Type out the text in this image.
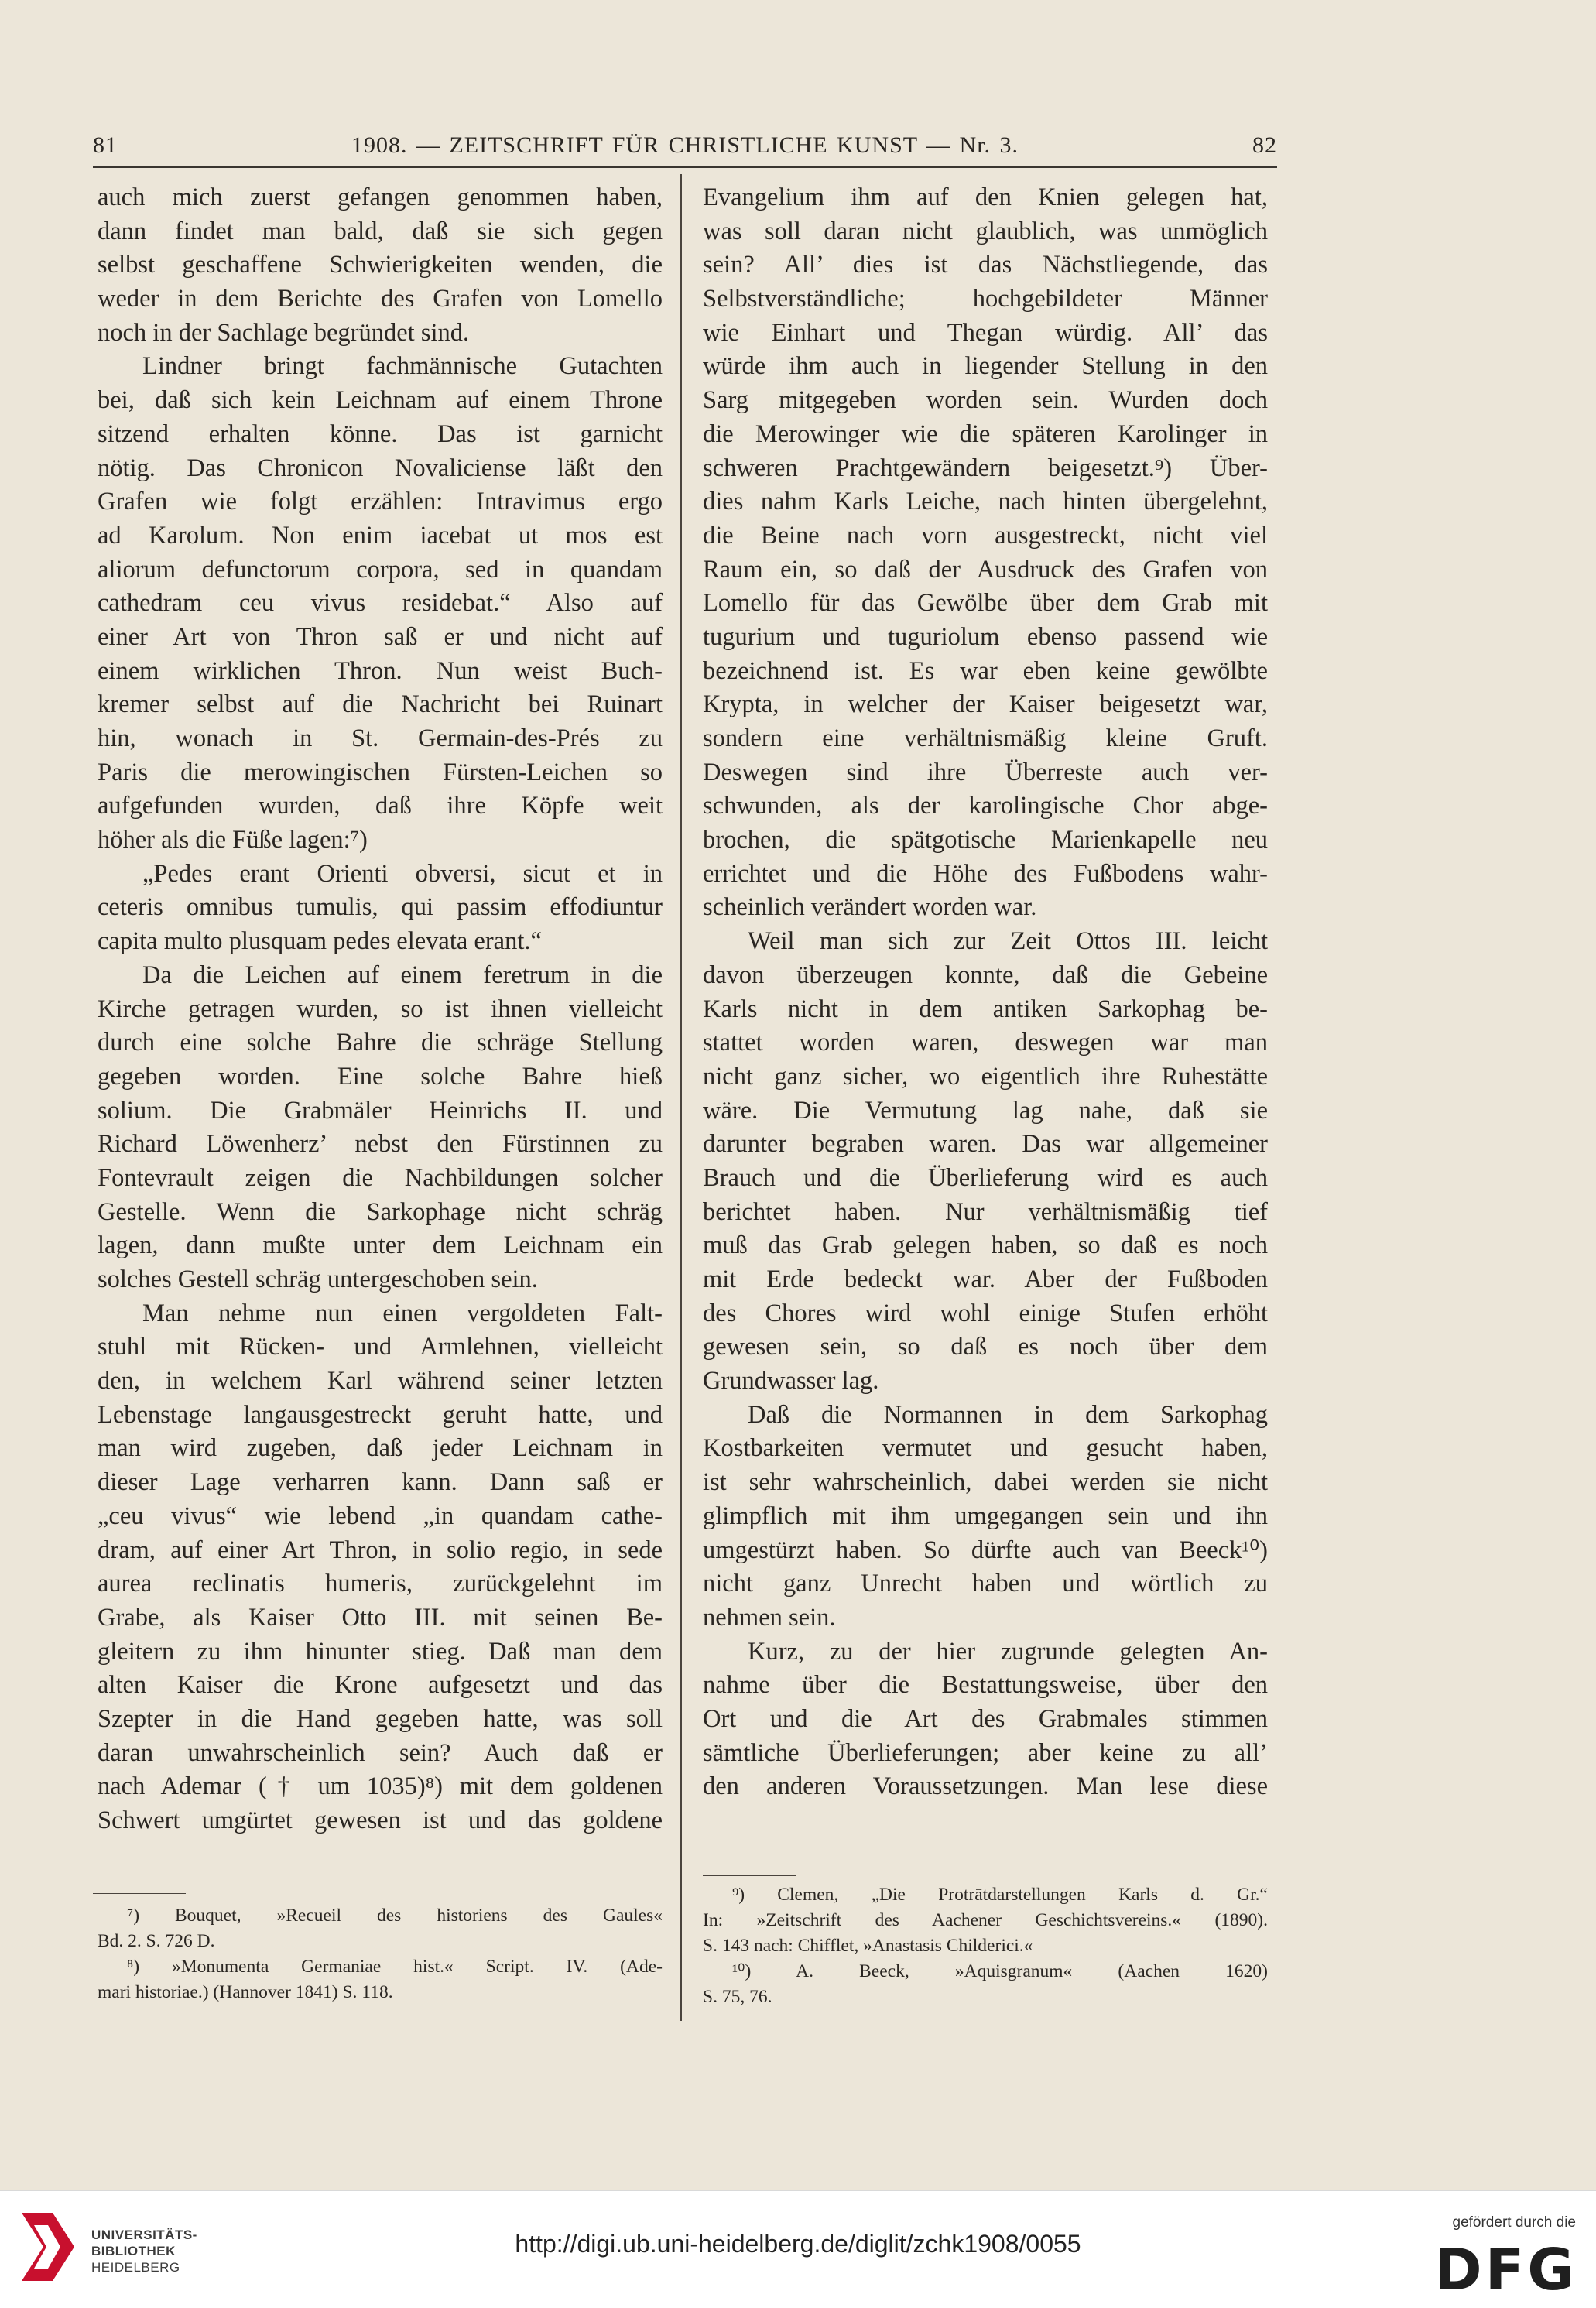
81	1908. — ZEITSCHRIFT FÜR CHRISTLICHE KUNST — Nr. 3.	82
auch mich zuerst gefangen genommen haben,
dann findet man bald, daß sie sich gegen
selbst geschaffene Schwierigkeiten wenden, die
weder in dem Berichte des Grafen von Lomello
noch in der Sachlage begründet sind.
Lindner bringt fachmännische Gutachten
bei, daß sich kein Leichnam auf einem Throne
sitzend erhalten könne. Das ist garnicht
nötig. Das Chronicon Novaliciense läßt den
Grafen wie folgt erzählen: Intravimus ergo
ad Karolum. Non enim iacebat ut mos est
aliorum defunctorum corpora, sed in quandam
cathedram ceu vivus residebat.“ Also auf
einer Art von Thron saß er und nicht auf
einem wirklichen Thron. Nun weist Buch-
kremer selbst auf die Nachricht bei Ruinart
hin, wonach in St. Germain-des-Prés zu
Paris die merowingischen Fürsten-Leichen so
aufgefunden wurden, daß ihre Köpfe weit
höher als die Füße lagen:⁷)
„Pedes erant Orienti obversi, sicut et in
ceteris omnibus tumulis, qui passim effodiuntur
capita multo plusquam pedes elevata erant.“
Da die Leichen auf einem feretrum in die
Kirche getragen wurden, so ist ihnen vielleicht
durch eine solche Bahre die schräge Stellung
gegeben worden. Eine solche Bahre hieß
solium. Die Grabmäler Heinrichs II. und
Richard Löwenherz’ nebst den Fürstinnen zu
Fontevrault zeigen die Nachbildungen solcher
Gestelle. Wenn die Sarkophage nicht schräg
lagen, dann mußte unter dem Leichnam ein
solches Gestell schräg untergeschoben sein.
Man nehme nun einen vergoldeten Falt-
stuhl mit Rücken- und Armlehnen, vielleicht
den, in welchem Karl während seiner letzten
Lebenstage langausgestreckt geruht hatte, und
man wird zugeben, daß jeder Leichnam in
dieser Lage verharren kann. Dann saß er
„ceu vivus“ wie lebend „in quandam cathe-
dram, auf einer Art Thron, in solio regio, in sede
aurea reclinatis humeris, zurückgelehnt im
Grabe, als Kaiser Otto III. mit seinen Be-
gleitern zu ihm hinunter stieg. Daß man dem
alten Kaiser die Krone aufgesetzt und das
Szepter in die Hand gegeben hatte, was soll
daran unwahrscheinlich sein? Auch daß er
nach Ademar († um 1035)⁸) mit dem goldenen
Schwert umgürtet gewesen ist und das goldene
Evangelium ihm auf den Knien gelegen hat,
was soll daran nicht glaublich, was unmöglich
sein? All’ dies ist das Nächstliegende, das
Selbstverständliche; hochgebildeter Männer
wie Einhart und Thegan würdig. All’ das
würde ihm auch in liegender Stellung in den
Sarg mitgegeben worden sein. Wurden doch
die Merowinger wie die späteren Karolinger in
schweren Prachtgewändern beigesetzt.⁹) Über-
dies nahm Karls Leiche, nach hinten übergelehnt,
die Beine nach vorn ausgestreckt, nicht viel
Raum ein, so daß der Ausdruck des Grafen von
Lomello für das Gewölbe über dem Grab mit
tugurium und tuguriolum ebenso passend wie
bezeichnend ist. Es war eben keine gewölbte
Krypta, in welcher der Kaiser beigesetzt war,
sondern eine verhältnismäßig kleine Gruft.
Deswegen sind ihre Überreste auch ver-
schwunden, als der karolingische Chor abge-
brochen, die spätgotische Marienkapelle neu
errichtet und die Höhe des Fußbodens wahr-
scheinlich verändert worden war.
Weil man sich zur Zeit Ottos III. leicht
davon überzeugen konnte, daß die Gebeine
Karls nicht in dem antiken Sarkophag be-
stattet worden waren, deswegen war man
nicht ganz sicher, wo eigentlich ihre Ruhestätte
wäre. Die Vermutung lag nahe, daß sie
darunter begraben waren. Das war allgemeiner
Brauch und die Überlieferung wird es auch
berichtet haben. Nur verhältnismäßig tief
muß das Grab gelegen haben, so daß es noch
mit Erde bedeckt war. Aber der Fußboden
des Chores wird wohl einige Stufen erhöht
gewesen sein, so daß es noch über dem
Grundwasser lag.
Daß die Normannen in dem Sarkophag
Kostbarkeiten vermutet und gesucht haben,
ist sehr wahrscheinlich, dabei werden sie nicht
glimpflich mit ihm umgegangen sein und ihn
umgestürzt haben. So dürfte auch van Beeck¹⁰)
nicht ganz Unrecht haben und wörtlich zu
nehmen sein.
Kurz, zu der hier zugrunde gelegten An-
nahme über die Bestattungsweise, über den
Ort und die Art des Grabmales stimmen
sämtliche Überlieferungen; aber keine zu all’
den anderen Voraussetzungen. Man lese diese
⁷) Bouquet, »Recueil des historiens des Gaules«
Bd. 2. S. 726 D.
⁸) »Monumenta Germaniae hist.« Script. IV. (Ade-
mari historiae.) (Hannover 1841) S. 118.
⁹) Clemen, „Die Protrātdarstellungen Karls d. Gr.“
In: »Zeitschrift des Aachener Geschichtsvereins.« (1890).
S. 143 nach: Chifflet, »Anastasis Childerici.«
¹⁰) A. Beeck, »Aquisgranum« (Aachen 1620)
S. 75, 76.
UNIVERSITÄTS-
BIBLIOTHEK
HEIDELBERG
http://digi.ub.uni-heidelberg.de/diglit/zchk1908/0055
gefördert durch die
DFG
